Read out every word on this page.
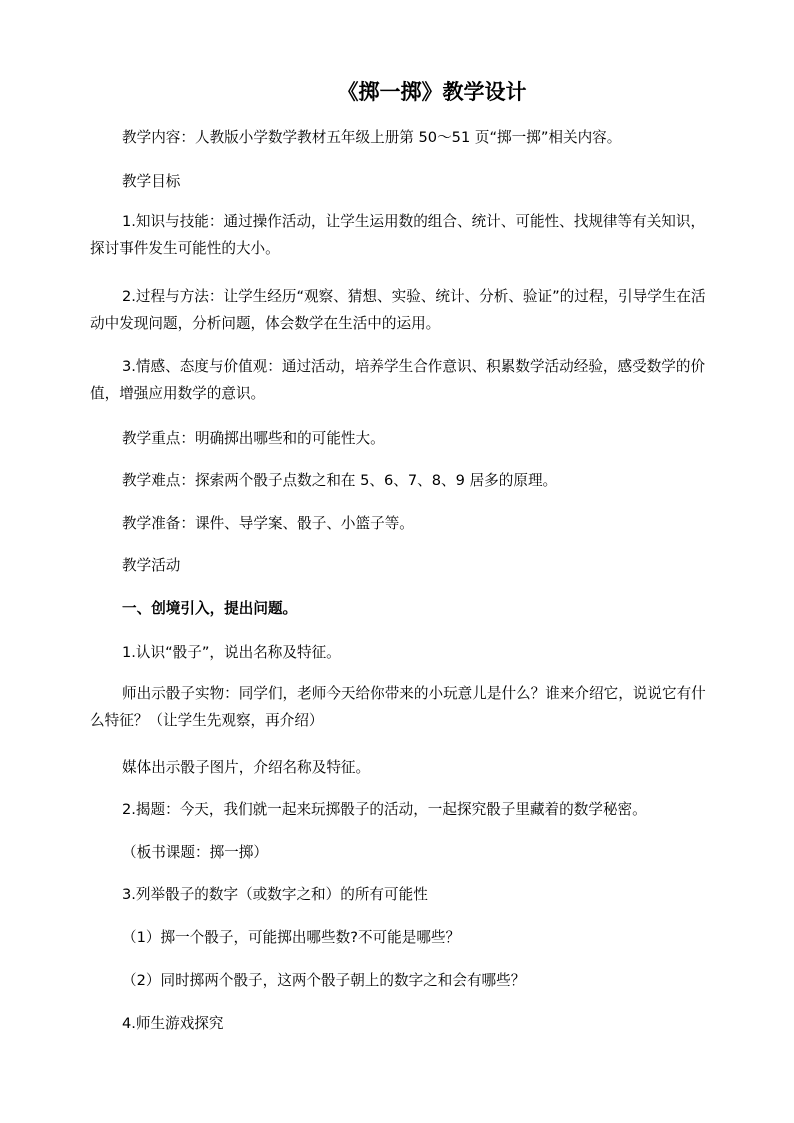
《掷一掷》教学设计
教学内容：人教版小学数学教材五年级上册第 50～51 页“掷一掷”相关内容。
教学目标
1.知识与技能：通过操作活动，让学生运用数的组合、统计、可能性、找规律等有关知识，探讨事件发生可能性的大小。
2.过程与方法：让学生经历“观察、猜想、实验、统计、分析、验证”的过程，引导学生在活动中发现问题，分析问题，体会数学在生活中的运用。
3.情感、态度与价值观：通过活动，培养学生合作意识、积累数学活动经验，感受数学的价值，增强应用数学的意识。
教学重点：明确掷出哪些和的可能性大。
教学难点：探索两个骰子点数之和在 5、6、7、8、9 居多的原理。
教学准备：课件、导学案、骰子、小篮子等。
教学活动
一、创境引入，提出问题。
1.认识“骰子”，说出名称及特征。
师出示骰子实物：同学们，老师今天给你带来的小玩意儿是什么？谁来介绍它，说说它有什么特征？（让学生先观察，再介绍）
媒体出示骰子图片，介绍名称及特征。
2.揭题：今天，我们就一起来玩掷骰子的活动，一起探究骰子里藏着的数学秘密。
（板书课题：掷一掷）
3.列举骰子的数字（或数字之和）的所有可能性
（1）掷一个骰子，可能掷出哪些数?不可能是哪些？
（2）同时掷两个骰子，这两个骰子朝上的数字之和会有哪些？
4.师生游戏探究
